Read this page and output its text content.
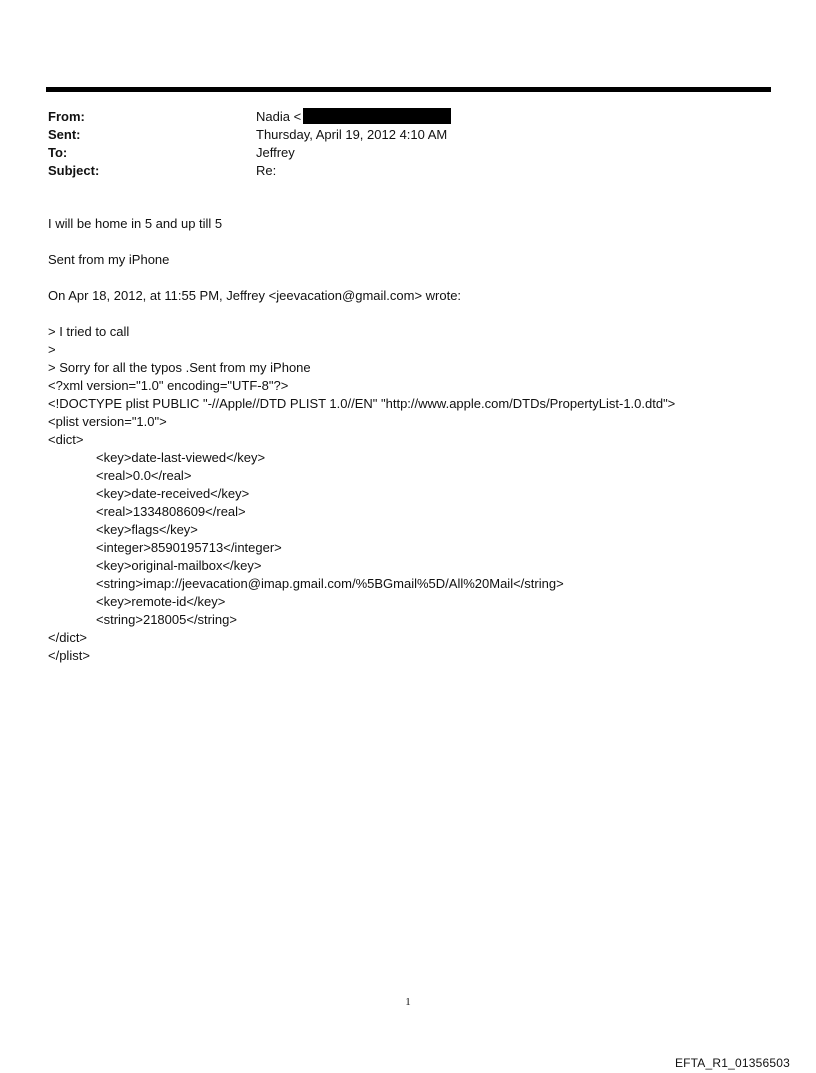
From:	Nadia <
Sent:	Thursday, April 19, 2012 4:10 AM
To:	Jeffrey
Subject:	Re:

I will be home in 5 and up till 5

Sent from my iPhone

On Apr 18, 2012, at 11:55 PM, Jeffrey <jeevacation@gmail.com> wrote:

> I tried to call

>

> Sorry for all the typos .Sent from my iPhone

<?xml version="1.0" encoding="UTF-8"?>

<!DOCTYPE plist PUBLIC "-//Apple//DTD PLIST 1.0//EN" "http://www.apple.com/DTDs/PropertyList-1.0.dtd">

<plist version="1.0">

<dict>

<key>date-last-viewed</key>

<real>0.0</real>

<key>date-received</key>

<real>1334808609</real>

<key>flags</key>

<integer>8590195713</integer>

<key>original-mailbox</key>

<string>imap://jeevacation@imap.gmail.com/%5BGmail%5D/All%20Mail</string>

<key>remote-id</key>

<string>218005</string>

</dict>

</plist>

1
EFTA_R1_01356503
